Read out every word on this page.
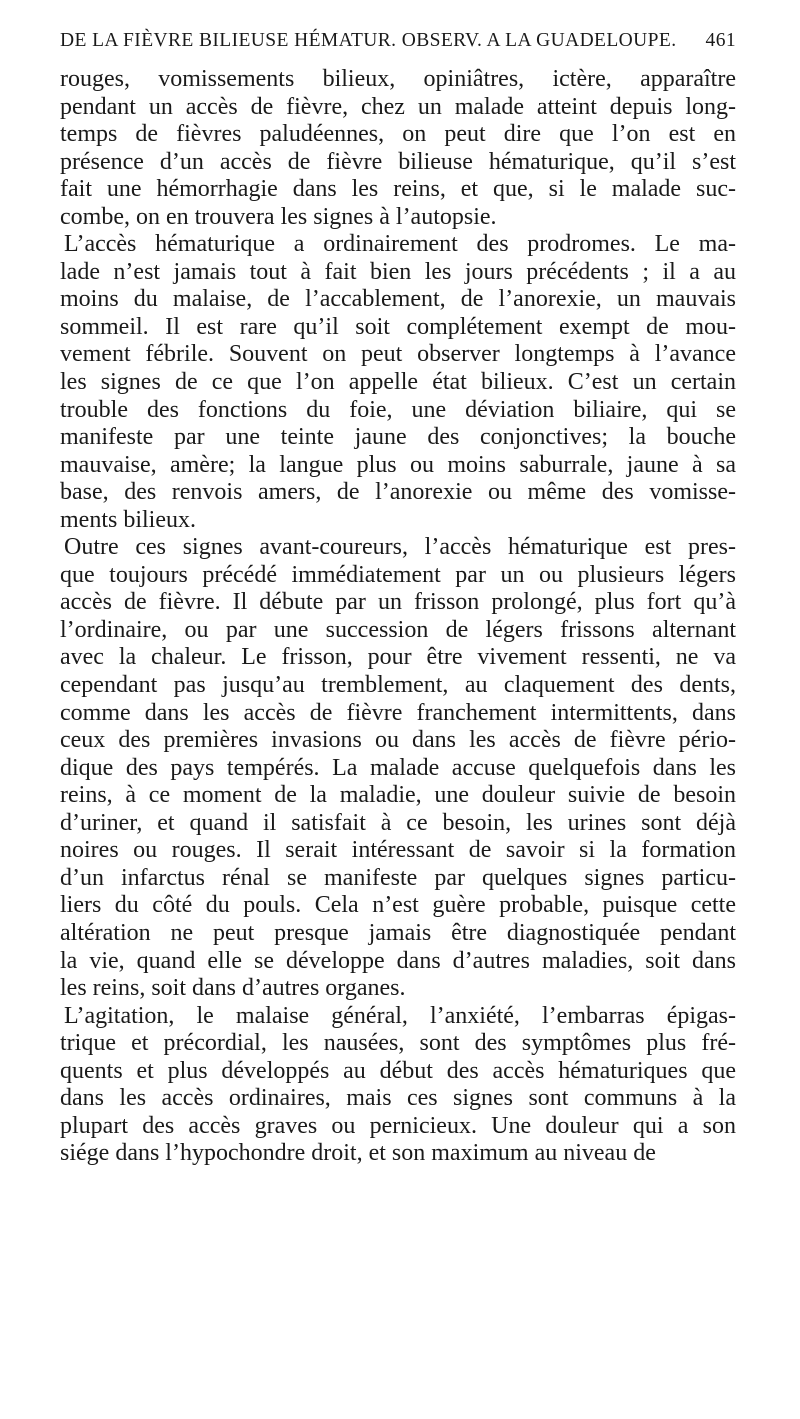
DE LA FIÈVRE BILIEUSE HÉMATUR. OBSERV. A LA GUADELOUPE. 461
rouges, vomissements bilieux, opiniâtres, ictère, apparaître
pendant un accès de fièvre, chez un malade atteint depuis long-
temps de fièvres paludéennes, on peut dire que l’on est en
présence d’un accès de fièvre bilieuse hématurique, qu’il s’est
fait une hémorrhagie dans les reins, et que, si le malade suc-
combe, on en trouvera les signes à l’autopsie.
L’accès hématurique a ordinairement des prodromes. Le ma-
lade n’est jamais tout à fait bien les jours précédents ; il a au
moins du malaise, de l’accablement, de l’anorexie, un mauvais
sommeil. Il est rare qu’il soit complétement exempt de mou-
vement fébrile. Souvent on peut observer longtemps à l’avance
les signes de ce que l’on appelle état bilieux. C’est un certain
trouble des fonctions du foie, une déviation biliaire, qui se
manifeste par une teinte jaune des conjonctives; la bouche
mauvaise, amère; la langue plus ou moins saburrale, jaune à sa
base, des renvois amers, de l’anorexie ou même des vomisse-
ments bilieux.
Outre ces signes avant-coureurs, l’accès hématurique est pres-
que toujours précédé immédiatement par un ou plusieurs légers
accès de fièvre. Il débute par un frisson prolongé, plus fort qu’à
l’ordinaire, ou par une succession de légers frissons alternant
avec la chaleur. Le frisson, pour être vivement ressenti, ne va
cependant pas jusqu’au tremblement, au claquement des dents,
comme dans les accès de fièvre franchement intermittents, dans
ceux des premières invasions ou dans les accès de fièvre pério-
dique des pays tempérés. La malade accuse quelquefois dans les
reins, à ce moment de la maladie, une douleur suivie de besoin
d’uriner, et quand il satisfait à ce besoin, les urines sont déjà
noires ou rouges. Il serait intéressant de savoir si la formation
d’un infarctus rénal se manifeste par quelques signes particu-
liers du côté du pouls. Cela n’est guère probable, puisque cette
altération ne peut presque jamais être diagnostiquée pendant
la vie, quand elle se développe dans d’autres maladies, soit dans
les reins, soit dans d’autres organes.
L’agitation, le malaise général, l’anxiété, l’embarras épigas-
trique et précordial, les nausées, sont des symptômes plus fré-
quents et plus développés au début des accès hématuriques que
dans les accès ordinaires, mais ces signes sont communs à la
plupart des accès graves ou pernicieux. Une douleur qui a son
siége dans l’hypochondre droit, et son maximum au niveau de
